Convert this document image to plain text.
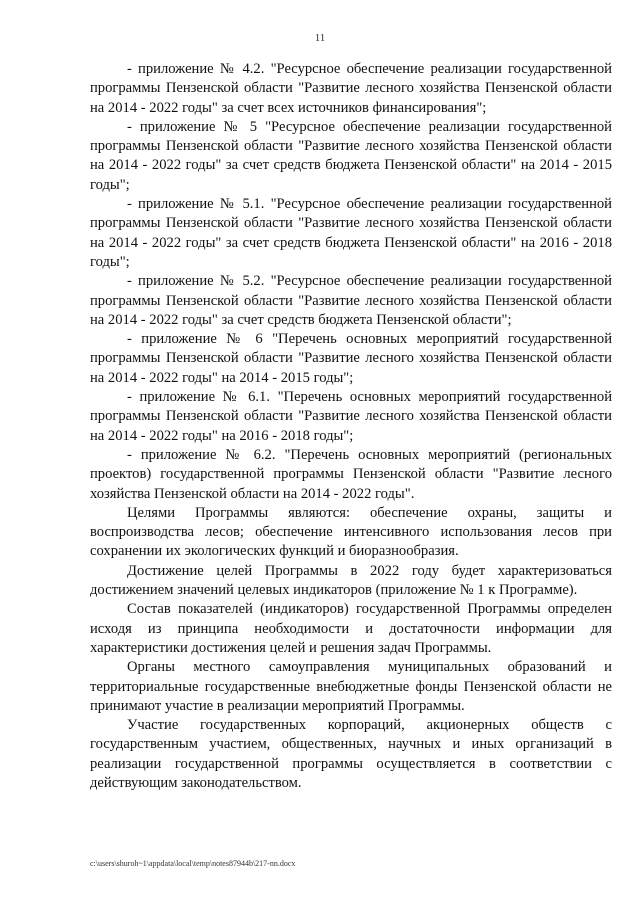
11

- приложение № 4.2. "Ресурсное обеспечение реализации государственной программы Пензенской области "Развитие лесного хозяйства Пензенской области на 2014 - 2022 годы" за счет всех источников финансирования";

- приложение № 5 "Ресурсное обеспечение реализации государственной программы Пензенской области "Развитие лесного хозяйства Пензенской области на 2014 - 2022 годы" за счет средств бюджета Пензенской области" на 2014 - 2015 годы";

- приложение № 5.1. "Ресурсное обеспечение реализации государственной программы Пензенской области "Развитие лесного хозяйства Пензенской области на 2014 - 2022 годы" за счет средств бюджета Пензенской области" на 2016 - 2018 годы";

- приложение № 5.2. "Ресурсное обеспечение реализации государственной программы Пензенской области "Развитие лесного хозяйства Пензенской области на 2014 - 2022 годы" за счет средств бюджета Пензенской области";

- приложение № 6 "Перечень основных мероприятий государственной программы Пензенской области "Развитие лесного хозяйства Пензенской области на 2014 - 2022 годы" на 2014 - 2015 годы";

- приложение № 6.1. "Перечень основных мероприятий государственной программы Пензенской области "Развитие лесного хозяйства Пензенской области на 2014 - 2022 годы" на 2016 - 2018 годы";

- приложение № 6.2. "Перечень основных мероприятий (региональных проектов) государственной программы Пензенской области "Развитие лесного хозяйства Пензенской области на 2014 - 2022 годы".

Целями Программы являются: обеспечение охраны, защиты и воспроизводства лесов; обеспечение интенсивного использования лесов при сохранении их экологических функций и биоразнообразия.

Достижение целей Программы в 2022 году будет характеризоваться достижением значений целевых индикаторов (приложение № 1 к Программе).

Состав показателей (индикаторов) государственной Программы определен исходя из принципа необходимости и достаточности информации для характеристики достижения целей и решения задач Программы.

Органы местного самоуправления муниципальных образований и территориальные государственные внебюджетные фонды Пензенской области не принимают участие в реализации мероприятий Программы.

Участие государственных корпораций, акционерных обществ с государственным участием, общественных, научных и иных организаций в реализации государственной программы осуществляется в соответствии с действующим законодательством.

c:\users\shuroh~1\appdata\local\temp\notes87944b\217-nn.docx
